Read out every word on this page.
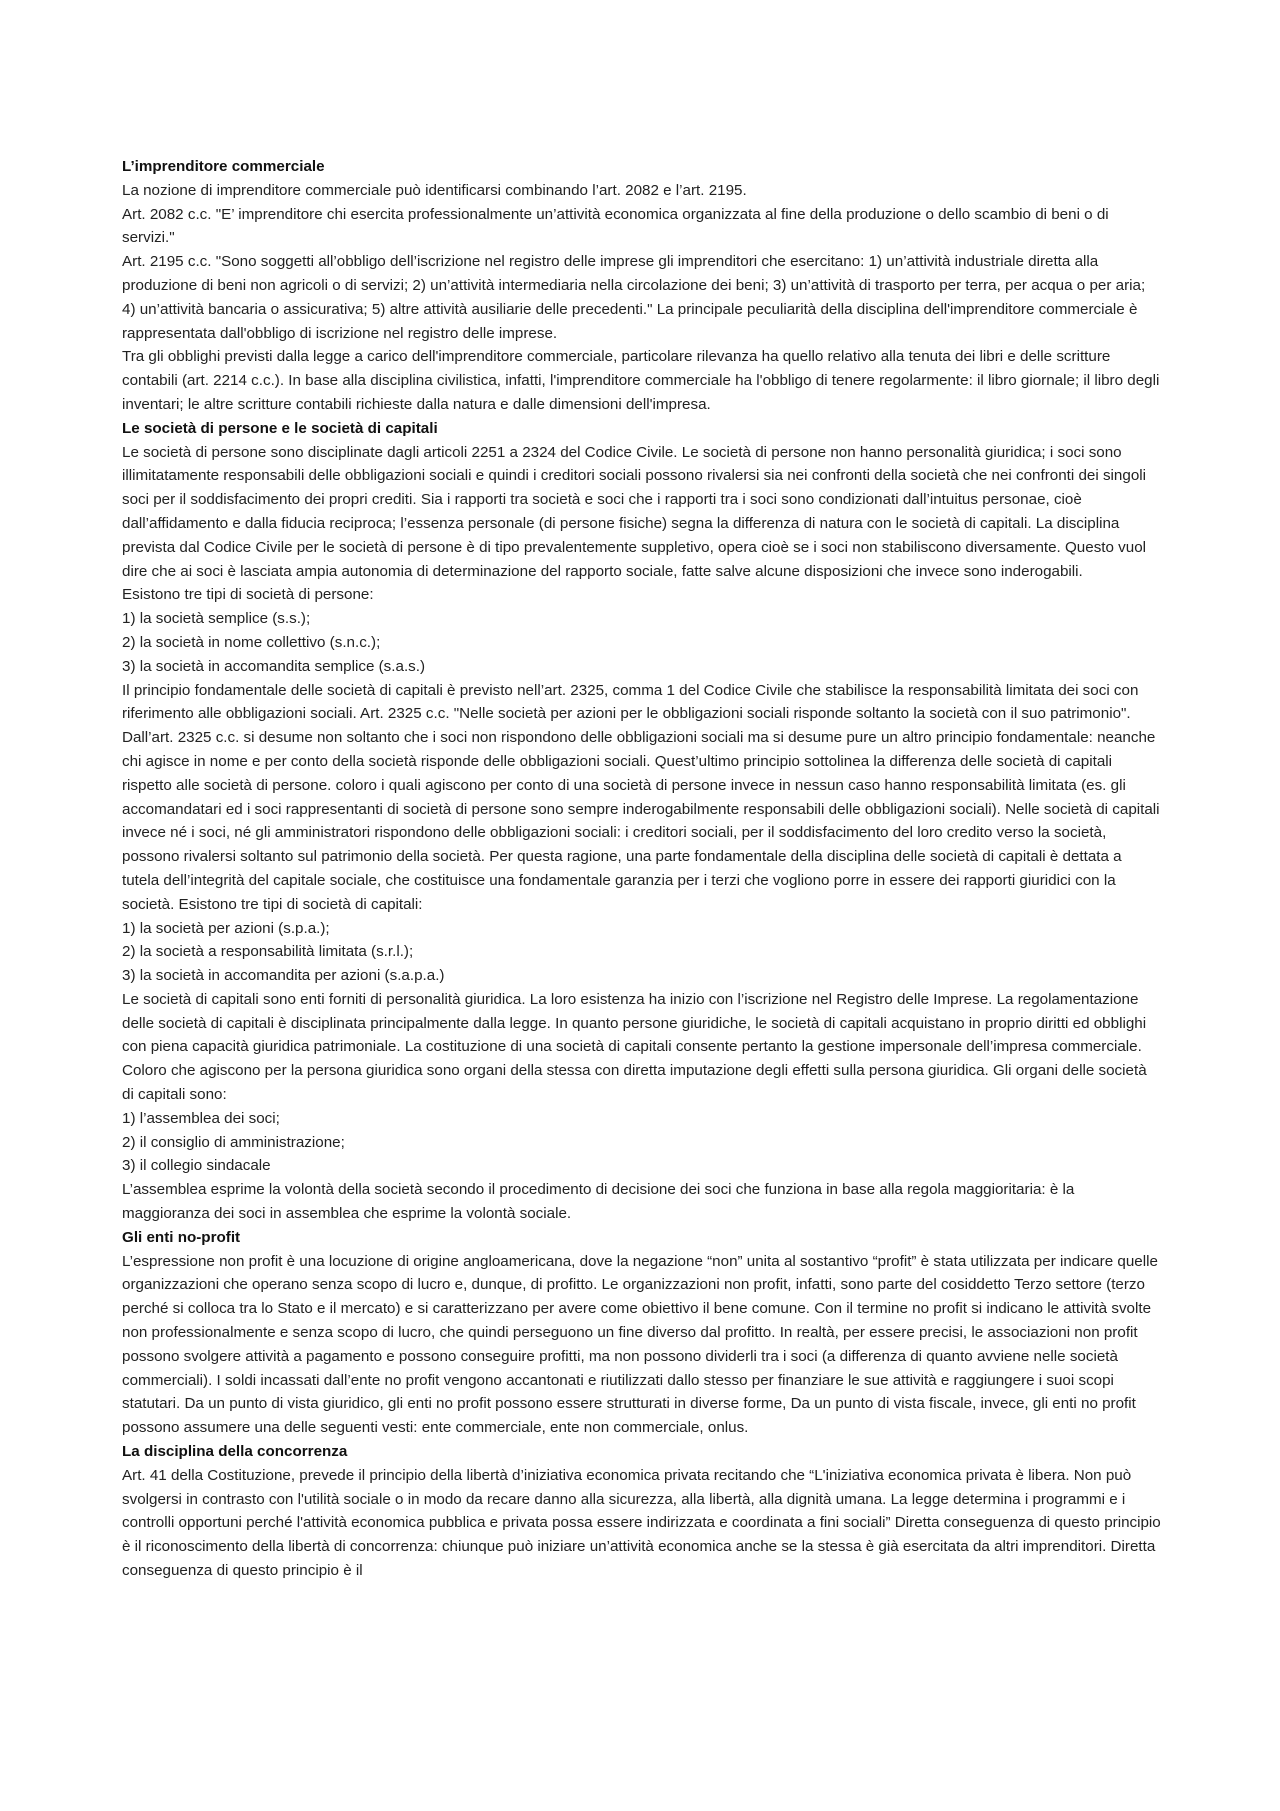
L’imprenditore commerciale

La nozione di imprenditore commerciale può identificarsi combinando l’art. 2082 e l’art. 2195.

Art. 2082 c.c. "E’ imprenditore chi esercita professionalmente un’attività economica organizzata al fine della produzione o dello scambio di beni o di servizi."

Art. 2195 c.c. "Sono soggetti all’obbligo dell’iscrizione nel registro delle imprese gli imprenditori che esercitano: 1) un’attività industriale diretta alla produzione di beni non agricoli o di servizi; 2) un’attività intermediaria nella circolazione dei beni; 3) un’attività di trasporto per terra, per acqua o per aria; 4) un’attività bancaria o assicurativa; 5) altre attività ausiliarie delle precedenti." La principale peculiarità della disciplina dell'imprenditore commerciale è rappresentata dall'obbligo di iscrizione nel registro delle imprese.

Tra gli obblighi previsti dalla legge a carico dell'imprenditore commerciale, particolare rilevanza ha quello relativo alla tenuta dei libri e delle scritture contabili (art. 2214 c.c.). In base alla disciplina civilistica, infatti, l'imprenditore commerciale ha l'obbligo di tenere regolarmente: il libro giornale; il libro degli inventari; le altre scritture contabili richieste dalla natura e dalle dimensioni dell'impresa.

Le società di persone e le società di capitali

Le società di persone sono disciplinate dagli articoli 2251 a 2324 del Codice Civile. Le società di persone non hanno personalità giuridica; i soci sono illimitatamente responsabili delle obbligazioni sociali e quindi i creditori sociali possono rivalersi sia nei confronti della società che nei confronti dei singoli soci per il soddisfacimento dei propri crediti. Sia i rapporti tra società e soci che i rapporti tra i soci sono condizionati dall’intuitus personae, cioè dall’affidamento e dalla fiducia reciproca; l’essenza personale (di persone fisiche) segna la differenza di natura con le società di capitali. La disciplina prevista dal Codice Civile per le società di persone è di tipo prevalentemente suppletivo, opera cioè se i soci non stabiliscono diversamente. Questo vuol dire che ai soci è lasciata ampia autonomia di determinazione del rapporto sociale, fatte salve alcune disposizioni che invece sono inderogabili.

Esistono tre tipi di società di persone:

1) la società semplice (s.s.);

2) la società in nome collettivo (s.n.c.);

3) la società in accomandita semplice (s.a.s.)

Il principio fondamentale delle società di capitali è previsto nell’art. 2325, comma 1 del Codice Civile che stabilisce la responsabilità limitata dei soci con riferimento alle obbligazioni sociali. Art. 2325 c.c. "Nelle società per azioni per le obbligazioni sociali risponde soltanto la società con il suo patrimonio". Dall’art. 2325 c.c. si desume non soltanto che i soci non rispondono delle obbligazioni sociali ma si desume pure un altro principio fondamentale: neanche chi agisce in nome e per conto della società risponde delle obbligazioni sociali. Quest’ultimo principio sottolinea la differenza delle società di capitali rispetto alle società di persone. coloro i quali agiscono per conto di una società di persone invece in nessun caso hanno responsabilità limitata (es. gli accomandatari ed i soci rappresentanti di società di persone sono sempre inderogabilmente responsabili delle obbligazioni sociali). Nelle società di capitali invece né i soci, né gli amministratori rispondono delle obbligazioni sociali: i creditori sociali, per il soddisfacimento del loro credito verso la società, possono rivalersi soltanto sul patrimonio della società. Per questa ragione, una parte fondamentale della disciplina delle società di capitali è dettata a tutela dell’integrità del capitale sociale, che costituisce una fondamentale garanzia per i terzi che vogliono porre in essere dei rapporti giuridici con la società. Esistono tre tipi di società di capitali:

1) la società per azioni (s.p.a.);

2) la società a responsabilità limitata (s.r.l.);

3) la società in accomandita per azioni (s.a.p.a.)

Le società di capitali sono enti forniti di personalità giuridica. La loro esistenza ha inizio con l’iscrizione nel Registro delle Imprese. La regolamentazione delle società di capitali è disciplinata principalmente dalla legge. In quanto persone giuridiche, le società di capitali acquistano in proprio diritti ed obblighi con piena capacità giuridica patrimoniale. La costituzione di una società di capitali consente pertanto la gestione impersonale dell’impresa commerciale. Coloro che agiscono per la persona giuridica sono organi della stessa con diretta imputazione degli effetti sulla persona giuridica. Gli organi delle società di capitali sono:

1) l’assemblea dei soci;

2) il consiglio di amministrazione;

3) il collegio sindacale

L’assemblea esprime la volontà della società secondo il procedimento di decisione dei soci che funziona in base alla regola maggioritaria: è la maggioranza dei soci in assemblea che esprime la volontà sociale.

Gli enti no-profit

L’espressione non profit è una locuzione di origine angloamericana, dove la negazione “non” unita al sostantivo “profit” è stata utilizzata per indicare quelle organizzazioni che operano senza scopo di lucro e, dunque, di profitto. Le organizzazioni non profit, infatti, sono parte del cosiddetto Terzo settore (terzo perché si colloca tra lo Stato e il mercato) e si caratterizzano per avere come obiettivo il bene comune. Con il termine no profit si indicano le attività svolte non professionalmente e senza scopo di lucro, che quindi perseguono un fine diverso dal profitto. In realtà, per essere precisi, le associazioni non profit possono svolgere attività a pagamento e possono conseguire profitti, ma non possono dividerli tra i soci (a differenza di quanto avviene nelle società commerciali). I soldi incassati dall’ente no profit vengono accantonati e riutilizzati dallo stesso per finanziare le sue attività e raggiungere i suoi scopi statutari. Da un punto di vista giuridico, gli enti no profit possono essere strutturati in diverse forme, Da un punto di vista fiscale, invece, gli enti no profit possono assumere una delle seguenti vesti: ente commerciale, ente non commerciale, onlus.

La disciplina della concorrenza

Art. 41 della Costituzione, prevede il principio della libertà d’iniziativa economica privata recitando che “L'iniziativa economica privata è libera. Non può svolgersi in contrasto con l'utilità sociale o in modo da recare danno alla sicurezza, alla libertà, alla dignità umana. La legge determina i programmi e i controlli opportuni perché l'attività economica pubblica e privata possa essere indirizzata e coordinata a fini sociali” Diretta conseguenza di questo principio è il riconoscimento della libertà di concorrenza: chiunque può iniziare un’attività economica anche se la stessa è già esercitata da altri imprenditori. Diretta conseguenza di questo principio è il
